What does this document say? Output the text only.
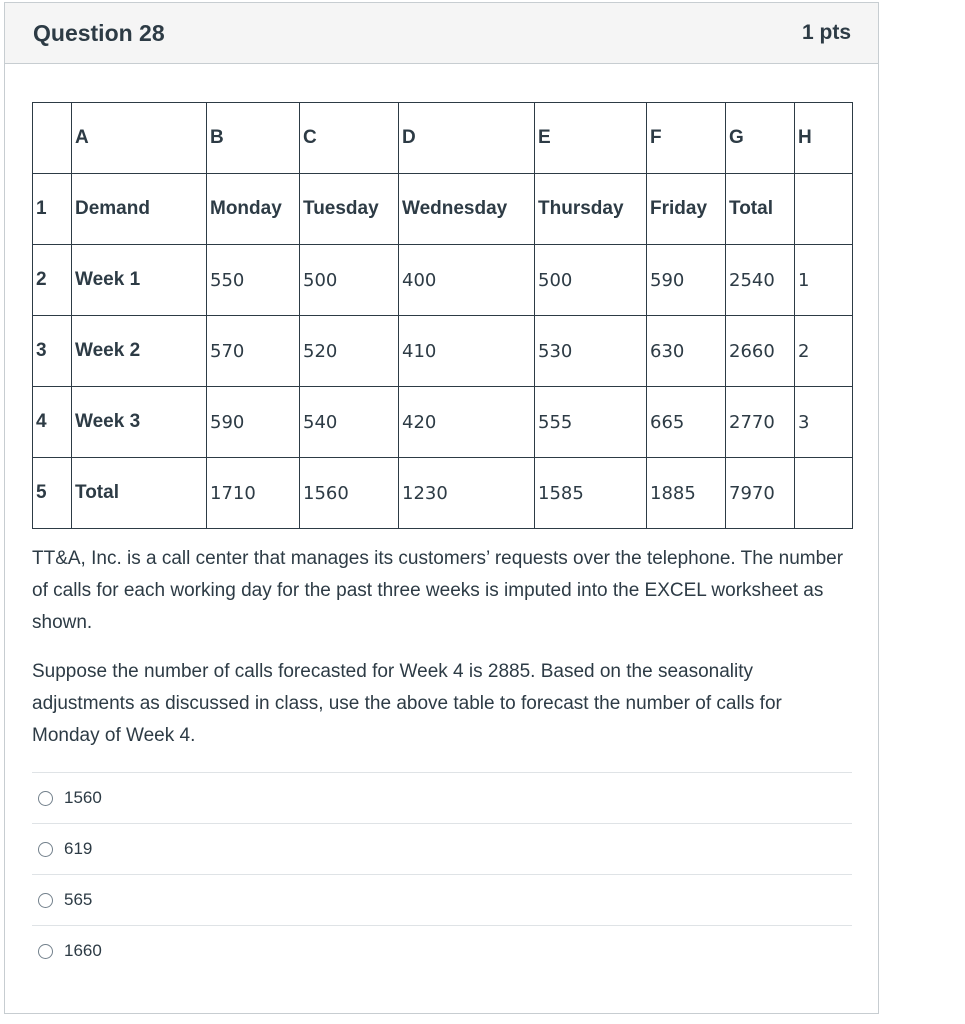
Question 28	1 pts
	A	B	C	D	E	F	G	H
1	Demand	Monday	Tuesday	Wednesday	Thursday	Friday	Total	
2	Week 1	550	500	400	500	590	2540	1
3	Week 2	570	520	410	530	630	2660	2
4	Week 3	590	540	420	555	665	2770	3
5	Total	1710	1560	1230	1585	1885	7970	

TT&A, Inc. is a call center that manages its customers’ requests over the telephone. The number of calls for each working day for the past three weeks is imputed into the EXCEL worksheet as shown.

Suppose the number of calls forecasted for Week 4 is 2885. Based on the seasonality adjustments as discussed in class, use the above table to forecast the number of calls for Monday of Week 4.

1560
619
565
1660
